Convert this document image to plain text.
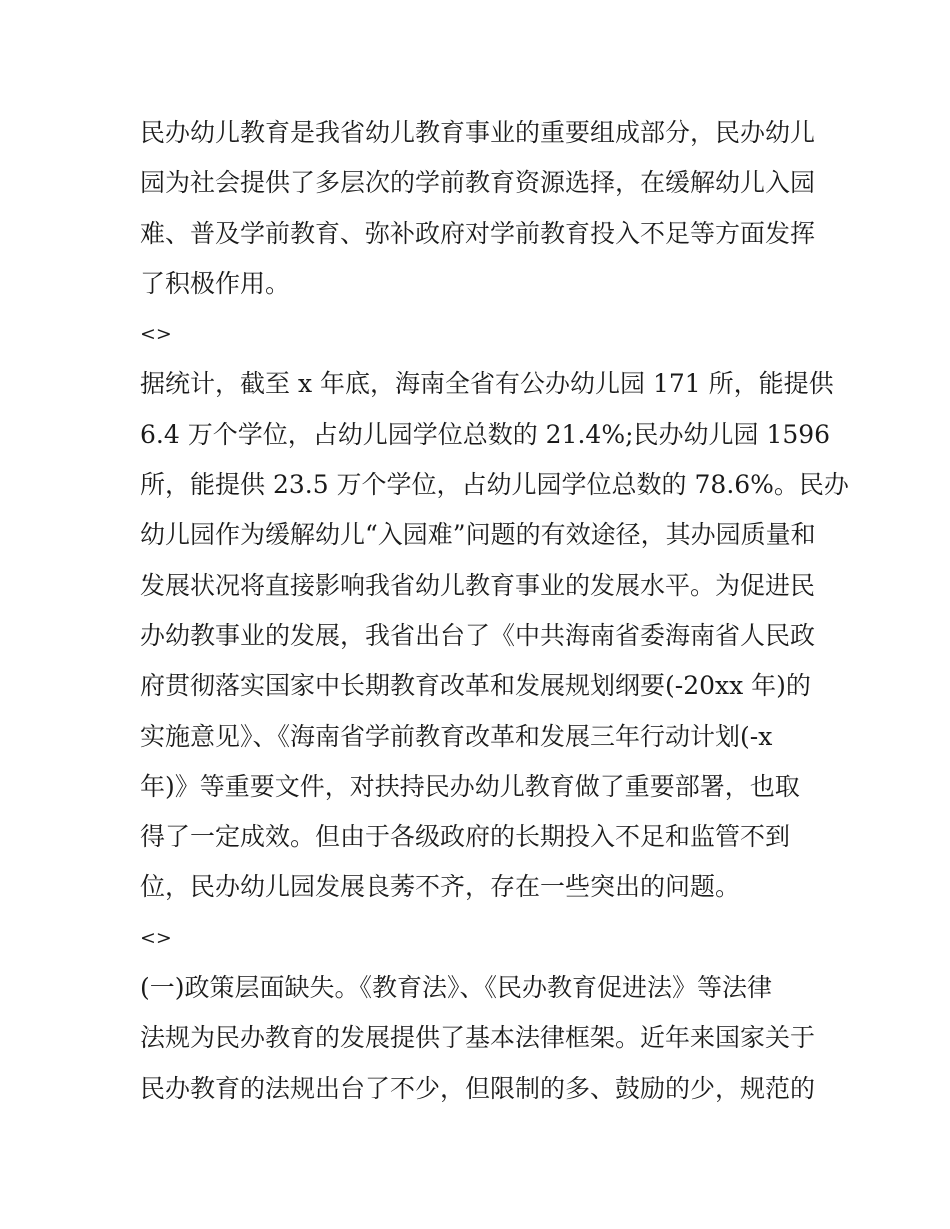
民办幼儿教育是我省幼儿教育事业的重要组成部分，民办幼儿
园为社会提供了多层次的学前教育资源选择，在缓解幼儿入园
难、普及学前教育、弥补政府对学前教育投入不足等方面发挥
了积极作用。
<>
据统计，截至 x 年底，海南全省有公办幼儿园 171 所，能提供
6.4 万个学位，占幼儿园学位总数的 21.4%;民办幼儿园 1596
所，能提供 23.5 万个学位，占幼儿园学位总数的 78.6%。民办
幼儿园作为缓解幼儿“入园难”问题的有效途径，其办园质量和
发展状况将直接影响我省幼儿教育事业的发展水平。为促进民
办幼教事业的发展，我省出台了《中共海南省委海南省人民政
府贯彻落实国家中长期教育改革和发展规划纲要(-20xx 年)的
实施意见》、《海南省学前教育改革和发展三年行动计划(-x
年)》等重要文件，对扶持民办幼儿教育做了重要部署，也取
得了一定成效。但由于各级政府的长期投入不足和监管不到
位，民办幼儿园发展良莠不齐，存在一些突出的问题。
<>
(一)政策层面缺失。《教育法》、《民办教育促进法》等法律
法规为民办教育的发展提供了基本法律框架。近年来国家关于
民办教育的法规出台了不少，但限制的多、鼓励的少，规范的
